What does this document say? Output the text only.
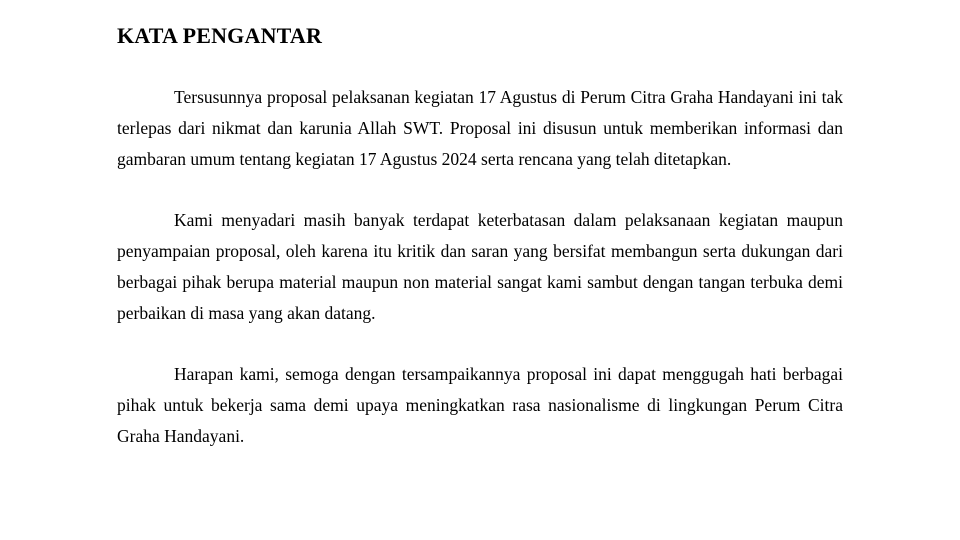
KATA PENGANTAR

Tersusunnya proposal pelaksanan kegiatan 17 Agustus di Perum Citra Graha Handayani ini tak terlepas dari nikmat dan karunia Allah SWT. Proposal ini disusun untuk memberikan informasi dan gambaran umum tentang kegiatan 17 Agustus 2024 serta rencana yang telah ditetapkan.

Kami menyadari masih banyak terdapat keterbatasan dalam pelaksanaan kegiatan maupun penyampaian proposal, oleh karena itu kritik dan saran yang bersifat membangun serta dukungan dari berbagai pihak berupa material maupun non material sangat kami sambut dengan tangan terbuka demi perbaikan di masa yang akan datang.

Harapan kami, semoga dengan tersampaikannya proposal ini dapat menggugah hati berbagai pihak untuk bekerja sama demi upaya meningkatkan rasa nasionalisme di lingkungan Perum Citra Graha Handayani.
